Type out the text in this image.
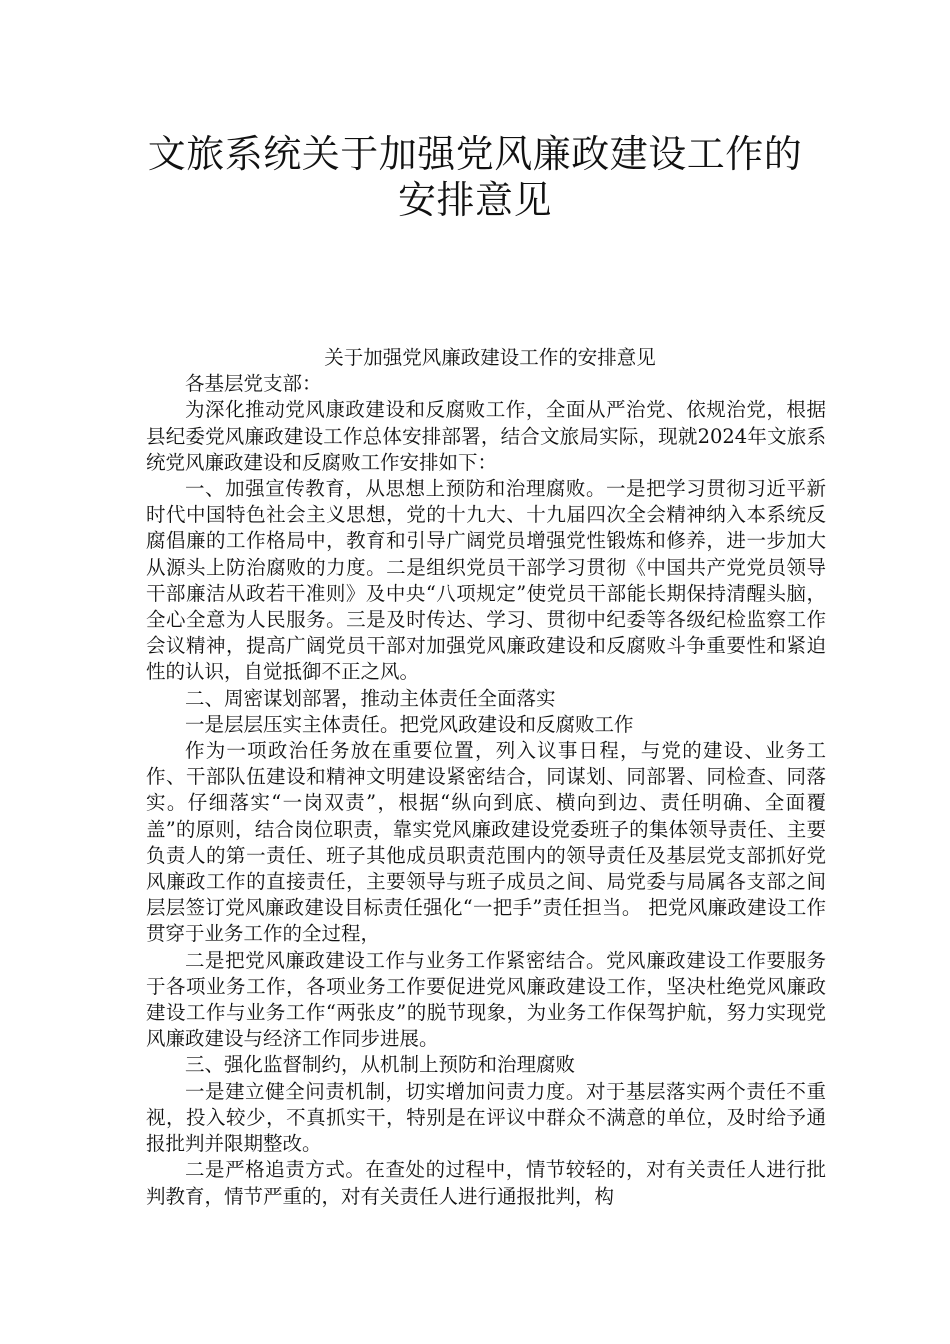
文旅系统关于加强党风廉政建设工作的
安排意见

关于加强党风廉政建设工作的安排意见

各基层党支部：

为深化推动党风康政建设和反腐败工作，全面从严治党、依规治党，根据县纪委党风廉政建设工作总体安排部署，结合文旅局实际，现就2024年文旅系统党风廉政建设和反腐败工作安排如下：

一、加强宣传教育，从思想上预防和治理腐败。一是把学习贯彻习近平新时代中国特色社会主义思想，党的十九大、十九届四次全会精神纳入本系统反腐倡廉的工作格局中，教育和引导广阔党员增强党性锻炼和修养，进一步加大从源头上防治腐败的力度。二是组织党员干部学习贯彻《中国共产党党员领导干部廉洁从政若干准则》及中央“八项规定”使党员干部能长期保持清醒头脑，全心全意为人民服务。三是及时传达、学习、贯彻中纪委等各级纪检监察工作会议精神，提高广阔党员干部对加强党风廉政建设和反腐败斗争重要性和紧迫性的认识，自觉抵御不正之风。

二、周密谋划部署，推动主体责任全面落实

一是层层压实主体责任。把党风政建设和反腐败工作

作为一项政治任务放在重要位置，列入议事日程，与党的建设、业务工作、干部队伍建设和精神文明建设紧密结合，同谋划、同部署、同检查、同落实。仔细落实“一岗双责”，根据“纵向到底、横向到边、责任明确、全面覆盖”的原则，结合岗位职责，靠实党风廉政建设党委班子的集体领导责任、主要负责人的第一责任、班子其他成员职责范围内的领导责任及基层党支部抓好党风廉政工作的直接责任，主要领导与班子成员之间、局党委与局属各支部之间层层签订党风廉政建设目标责任强化“一把手”责任担当。 把党风廉政建设工作贯穿于业务工作的全过程，

二是把党风廉政建设工作与业务工作紧密结合。党风廉政建设工作要服务于各项业务工作，各项业务工作要促进党风廉政建设工作，坚决杜绝党风廉政建设工作与业务工作“两张皮”的脱节现象，为业务工作保驾护航，努力实现党风廉政建设与经济工作同步进展。

三、强化监督制约，从机制上预防和治理腐败

一是建立健全问责机制，切实增加问责力度。对于基层落实两个责任不重视，投入较少，不真抓实干，特别是在评议中群众不满意的单位，及时给予通报批判并限期整改。

二是严格追责方式。在查处的过程中，情节较轻的，对有关责任人进行批判教育，情节严重的，对有关责任人进行通报批判，构
